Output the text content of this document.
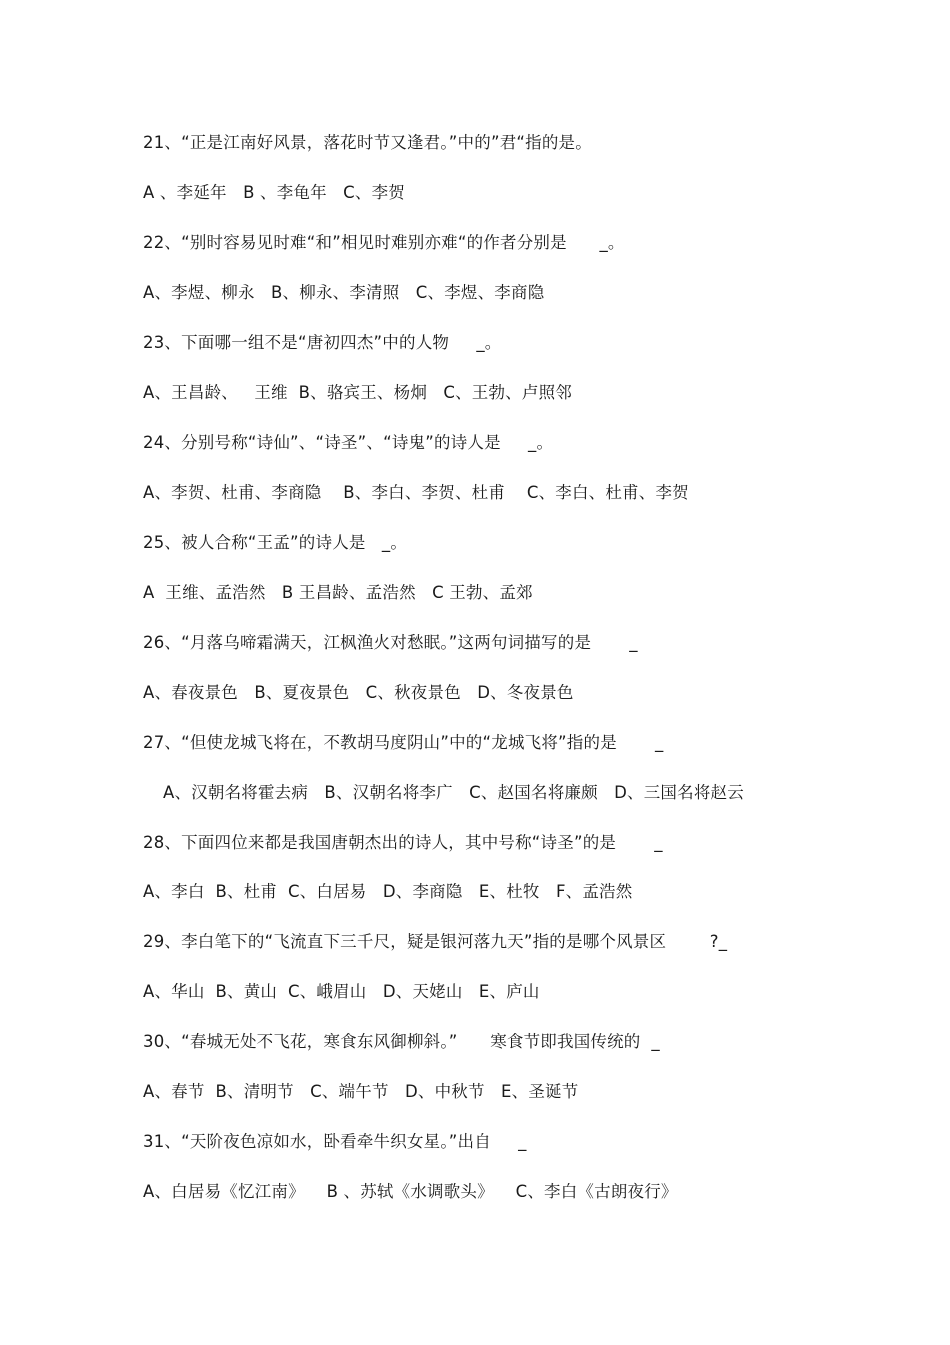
21、“正是江南好风景，落花时节又逢君。”中的”君“指的是。
A 、李延年   B 、李龟年   C、李贺
22、“别时容易见时难“和”相见时难别亦难“的作者分别是      _。
A、李煜、柳永   B、柳永、李清照   C、李煜、李商隐
23、下面哪一组不是“唐初四杰”中的人物     _。
A、王昌龄、   王维  B、骆宾王、杨炯   C、王勃、卢照邻
24、分别号称“诗仙”、“诗圣”、“诗鬼”的诗人是     _。
A、李贺、杜甫、李商隐    B、李白、李贺、杜甫    C、李白、杜甫、李贺
25、被人合称“王孟”的诗人是   _。
A  王维、孟浩然   B 王昌龄、孟浩然   C 王勃、孟郊
26、“月落乌啼霜满天，江枫渔火对愁眠。”这两句词描写的是       _
A、春夜景色   B、夏夜景色   C、秋夜景色   D、冬夜景色
27、“但使龙城飞将在，不教胡马度阴山”中的“龙城飞将”指的是       _
A、汉朝名将霍去病   B、汉朝名将李广   C、赵国名将廉颇   D、三国名将赵云
28、下面四位来都是我国唐朝杰出的诗人，其中号称“诗圣”的是       _
A、李白  B、杜甫  C、白居易   D、李商隐   E、杜牧   F、孟浩然
29、李白笔下的“飞流直下三千尺，疑是银河落九天”指的是哪个风景区        ?_
A、华山  B、黄山  C、峨眉山   D、天姥山   E、庐山
30、“春城无处不飞花，寒食东风御柳斜。”      寒食节即我国传统的  _
A、春节  B、清明节   C、端午节   D、中秋节   E、圣诞节
31、“天阶夜色凉如水，卧看牵牛织女星。”出自     _
A、白居易《忆江南》    B 、苏轼《水调歌头》    C、李白《古朗夜行》
